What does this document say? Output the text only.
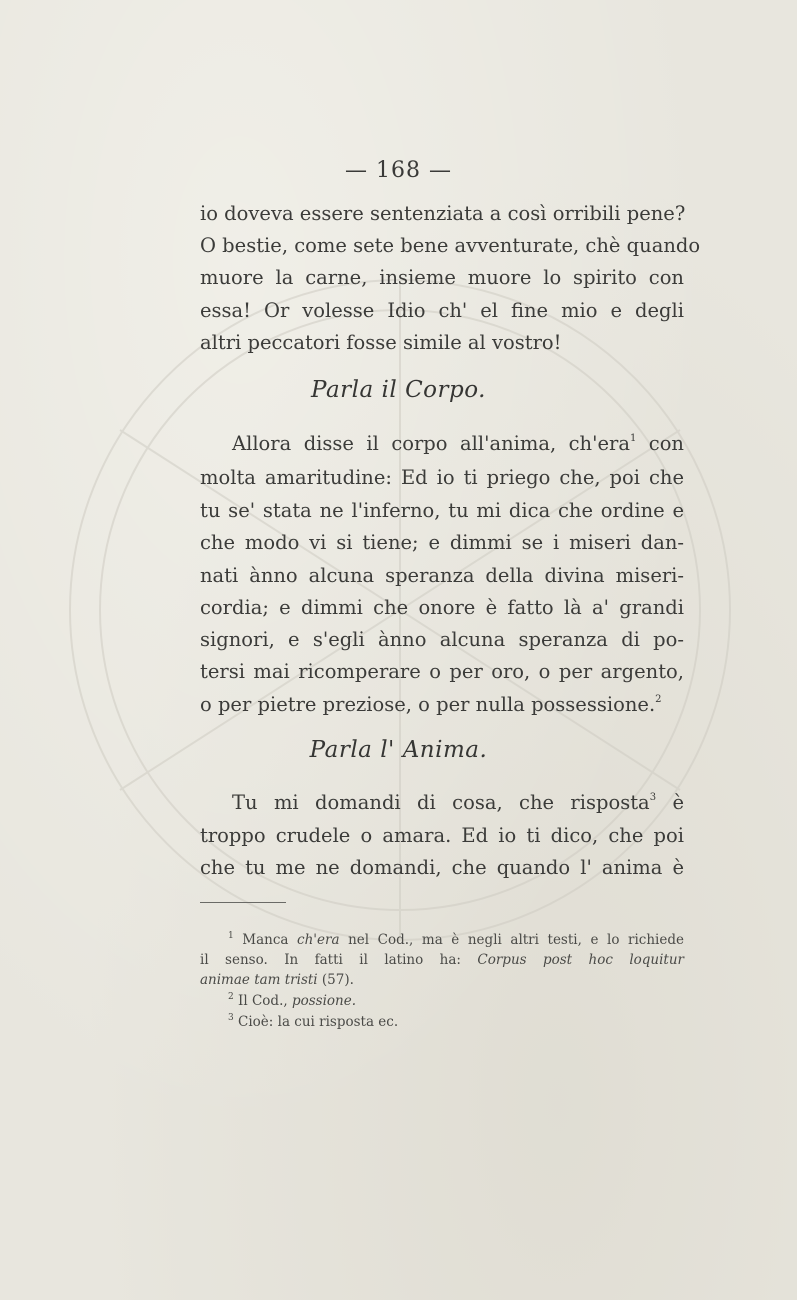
— 168 —
io doveva essere sentenziata a così orribili pene?
O bestie, come sete bene avventurate, chè quando
muore la carne, insieme muore lo spirito con
essa! Or volesse Idio ch' el fine mio e degli
altri peccatori fosse simile al vostro!
Parla il Corpo.
Allora disse il corpo all'anima, ch'era$^1$ con
molta amaritudine: Ed io ti priego che, poi che
tu se' stata ne l'inferno, tu mi dica che ordine e
che modo vi si tiene; e dimmi se i miseri dan-
nati ànno alcuna speranza della divina miseri-
cordia; e dimmi che onore è fatto là a' grandi
signori, e s'egli ànno alcuna speranza di po-
tersi mai ricomperare o per oro, o per argento,
o per pietre preziose, o per nulla possessione.$^2$
Parla l' Anima.
Tu mi domandi di cosa, che risposta$^3$ è
troppo crudele o amara. Ed io ti dico, che poi
che tu me ne domandi, che quando l' anima è
$^1$ Manca ch'era nel Cod., ma è negli altri testi, e lo richiede
il senso. In fatti il latino ha: Corpus post hoc loquitur
animae tam tristi (57).
$^2$ Il Cod., possione.
$^3$ Cioè: la cui risposta ec.
